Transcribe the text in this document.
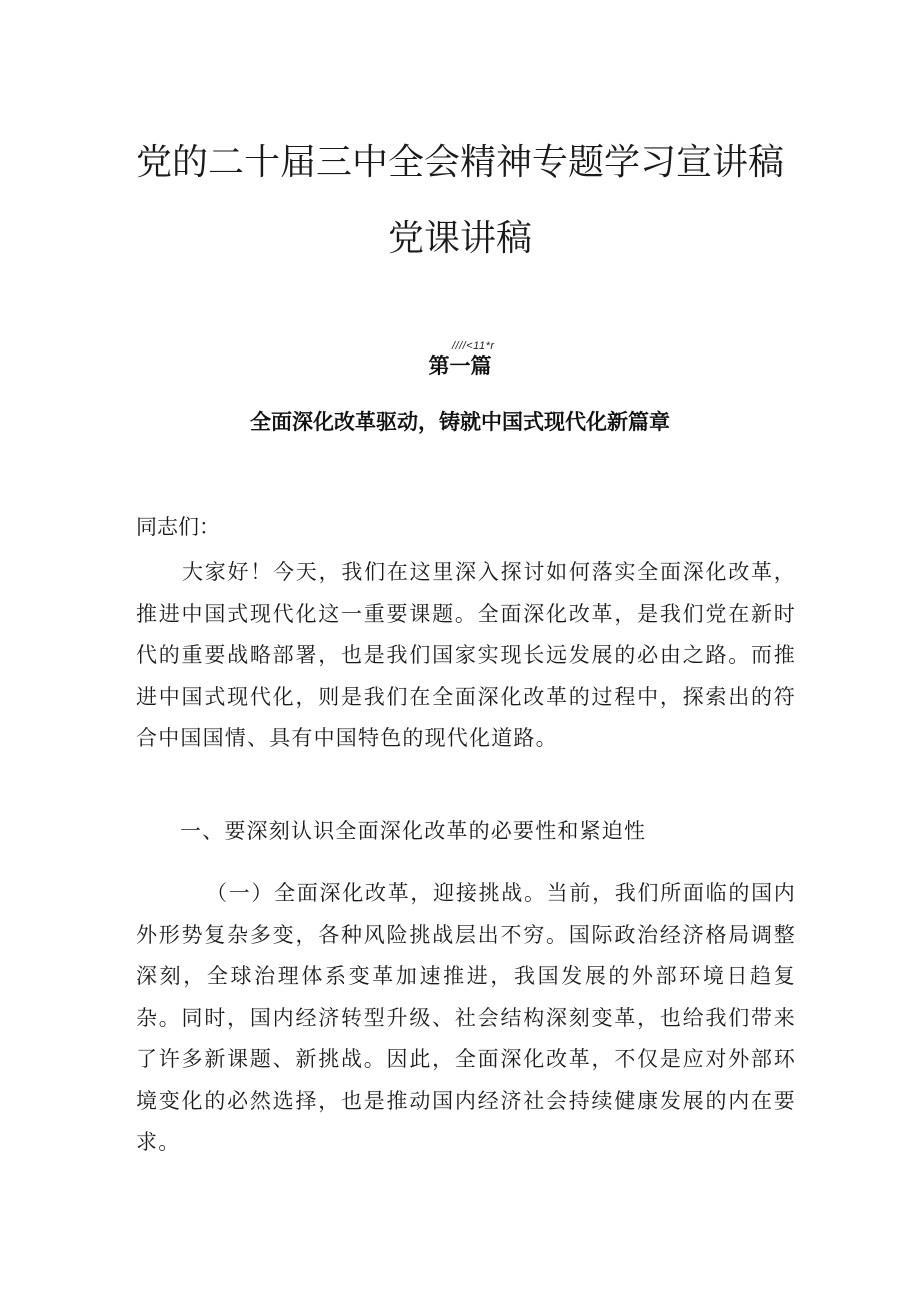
党的二十届三中全会精神专题学习宣讲稿
党课讲稿
////<11*r
第一篇
全面深化改革驱动，铸就中国式现代化新篇章
同志们：
大家好！今天，我们在这里深入探讨如何落实全面深化改革，推进中国式现代化这一重要课题。全面深化改革，是我们党在新时代的重要战略部署，也是我们国家实现长远发展的必由之路。而推进中国式现代化，则是我们在全面深化改革的过程中，探索出的符合中国国情、具有中国特色的现代化道路。
一、要深刻认识全面深化改革的必要性和紧迫性
（一）全面深化改革，迎接挑战。当前，我们所面临的国内外形势复杂多变，各种风险挑战层出不穷。国际政治经济格局调整深刻，全球治理体系变革加速推进，我国发展的外部环境日趋复杂。同时，国内经济转型升级、社会结构深刻变革，也给我们带来了许多新课题、新挑战。因此，全面深化改革，不仅是应对外部环境变化的必然选择，也是推动国内经济社会持续健康发展的内在要求。
